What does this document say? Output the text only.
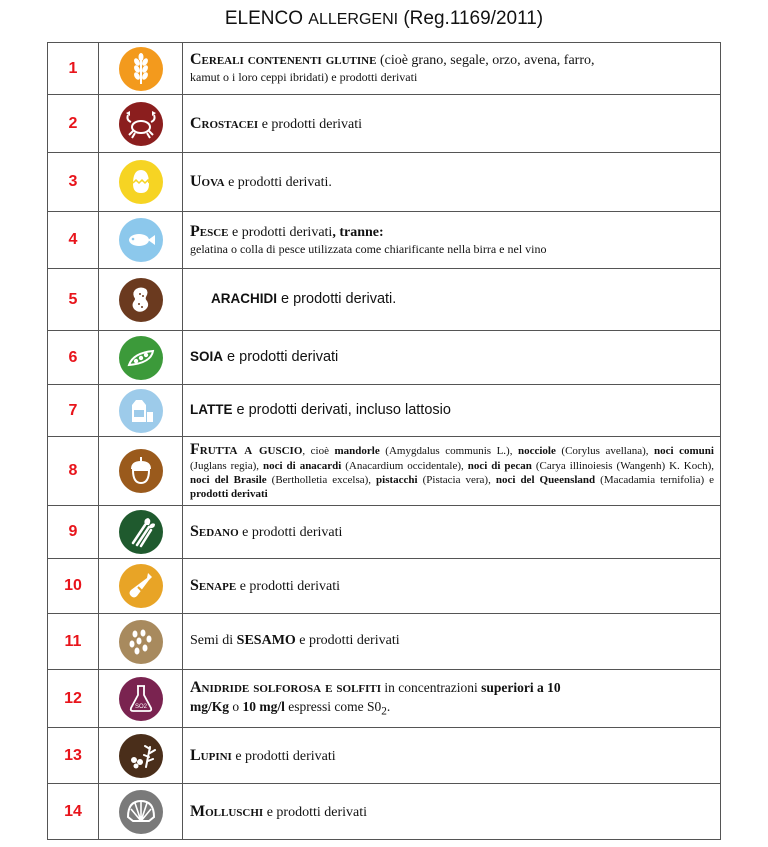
ELENCO ALLERGENI (Reg.1169/2011)
1		Cereali contenenti glutine (cioè grano, segale, orzo, avena, farro,
kamut o i loro ceppi ibridati) e prodotti derivati
2		Crostacei e prodotti derivati
3		Uova e prodotti derivati.
4		Pesce e prodotti derivati, tranne:
gelatina o colla di pesce utilizzata come chiarificante nella birra e nel vino
5		ARACHIDI e prodotti derivati.
6		SOIA e prodotti derivati
7		LATTE e prodotti derivati, incluso lattosio
8		Frutta a guscio, cioè mandorle (Amygdalus communis L.), nocciole (Corylus avellana), noci comuni (Juglans regia), noci di anacardi (Anacardium occidentale), noci di pecan (Carya illinoiesis (Wangenh) K. Koch), noci del Brasile (Bertholletia excelsa), pistacchi (Pistacia vera), noci del Queensland (Macadamia ternifolia) e prodotti derivati
9		Sedano e prodotti derivati
10		Senape e prodotti derivati
11		Semi di SESAMO e prodotti derivati
12	SO2	Anidride solforosa e solfiti in concentrazioni superiori a 10
mg/Kg o 10 mg/l espressi come $S0_2$.
13		Lupini e prodotti derivati
14		Molluschi e prodotti derivati
